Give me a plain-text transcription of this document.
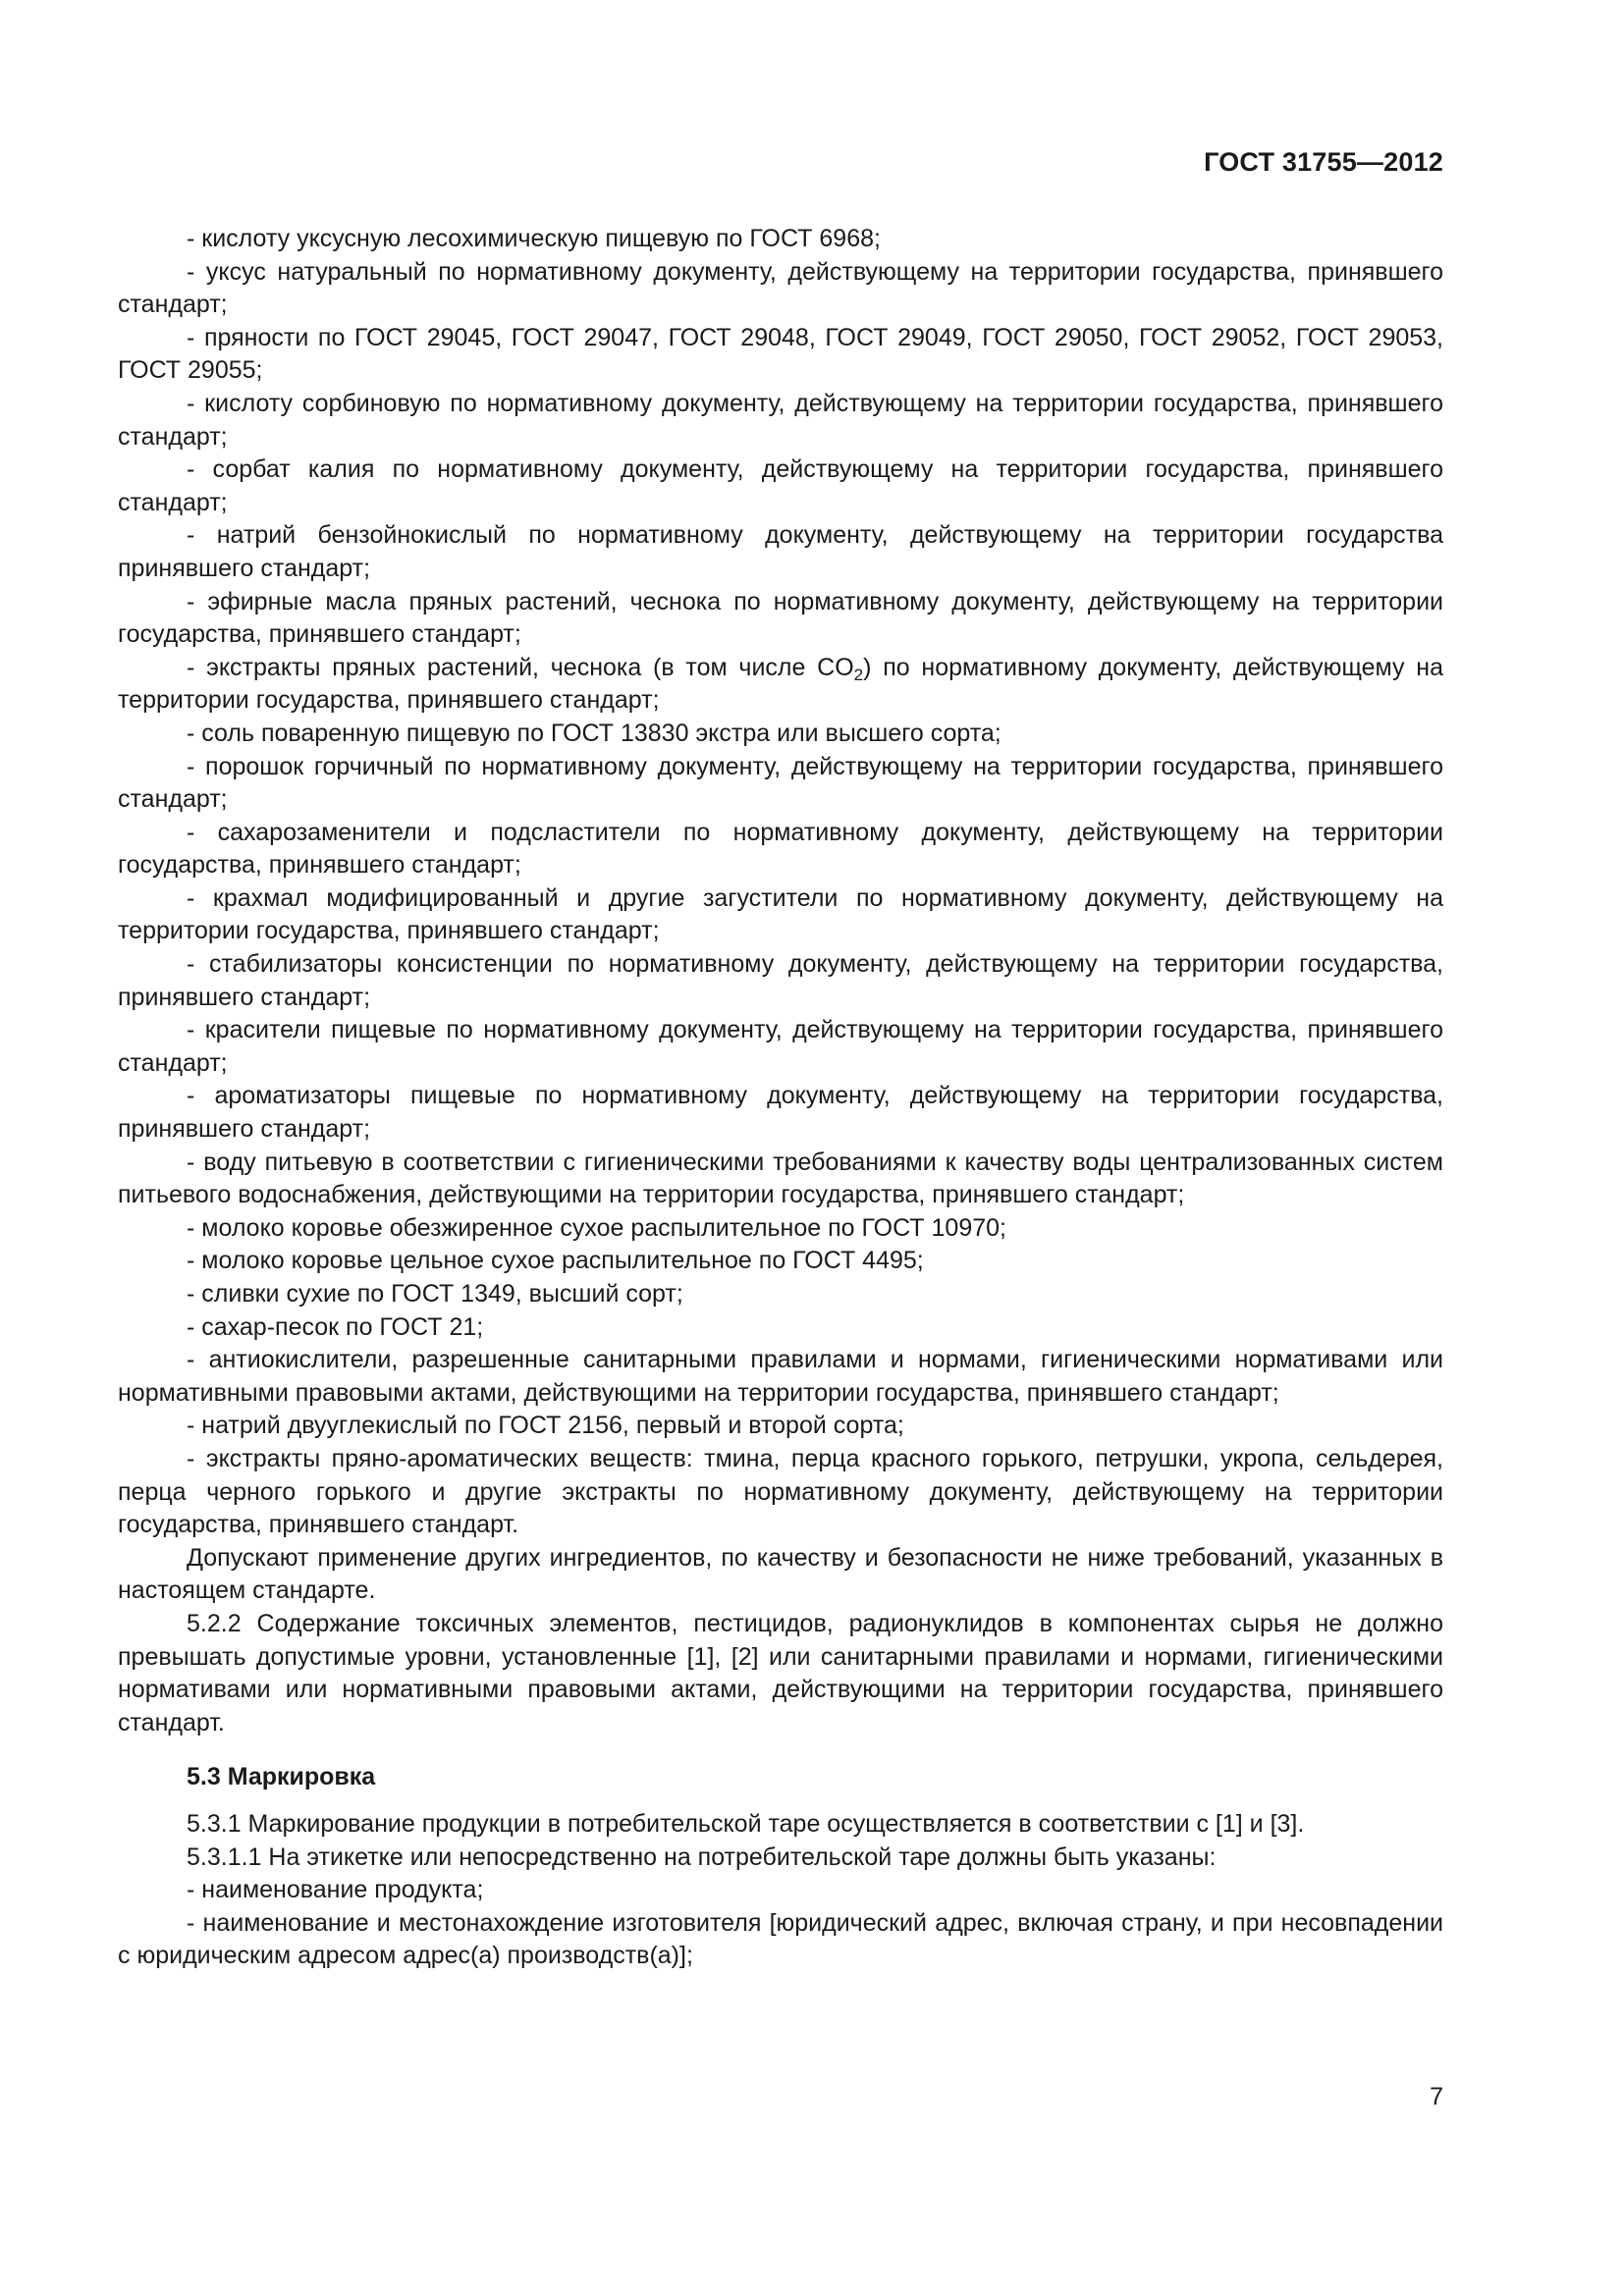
ГОСТ 31755—2012

- кислоту уксусную лесохимическую пищевую по ГОСТ 6968;

- уксус натуральный по нормативному документу, действующему на территории государства, принявшего стандарт;

- пряности по ГОСТ 29045, ГОСТ 29047, ГОСТ 29048, ГОСТ 29049, ГОСТ 29050, ГОСТ 29052, ГОСТ 29053, ГОСТ 29055;

- кислоту сорбиновую по нормативному документу, действующему на территории государства, принявшего стандарт;

- сорбат калия по нормативному документу, действующему на территории государства, принявшего стандарт;

- натрий бензойнокислый по нормативному документу, действующему на территории государства принявшего стандарт;

- эфирные масла пряных растений, чеснока по нормативному документу, действующему на территории государства, принявшего стандарт;

- экстракты пряных растений, чеснока (в том числе $CO_2$) по нормативному документу, действующему на территории государства, принявшего стандарт;

- соль поваренную пищевую по ГОСТ 13830 экстра или высшего сорта;

- порошок горчичный по нормативному документу, действующему на территории государства, принявшего стандарт;

- сахарозаменители и подсластители по нормативному документу, действующему на территории государства, принявшего стандарт;

- крахмал модифицированный и другие загустители по нормативному документу, действующему на территории государства, принявшего стандарт;

- стабилизаторы консистенции по нормативному документу, действующему на территории государства, принявшего стандарт;

- красители пищевые по нормативному документу, действующему на территории государства, принявшего стандарт;

- ароматизаторы пищевые по нормативному документу, действующему на территории государства, принявшего стандарт;

- воду питьевую в соответствии с гигиеническими требованиями к качеству воды централизованных систем питьевого водоснабжения, действующими на территории государства, принявшего стандарт;

- молоко коровье обезжиренное сухое распылительное по ГОСТ 10970;

- молоко коровье цельное сухое распылительное по ГОСТ 4495;

- сливки сухие по ГОСТ 1349, высший сорт;

- сахар-песок по ГОСТ 21;

- антиокислители, разрешенные санитарными правилами и нормами, гигиеническими нормативами или нормативными правовыми актами, действующими на территории государства, принявшего стандарт;

- натрий двууглекислый по ГОСТ 2156, первый и второй сорта;

- экстракты пряно-ароматических веществ: тмина, перца красного горького, петрушки, укропа, сельдерея, перца черного горького и другие экстракты по нормативному документу, действующему на территории государства, принявшего стандарт.

Допускают применение других ингредиентов, по качеству и безопасности не ниже требований, указанных в настоящем стандарте.

5.2.2 Содержание токсичных элементов, пестицидов, радионуклидов в компонентах сырья не должно превышать допустимые уровни, установленные [1], [2] или санитарными правилами и нормами, гигиеническими нормативами или нормативными правовыми актами, действующими на территории государства, принявшего стандарт.

5.3 Маркировка

5.3.1 Маркирование продукции в потребительской таре осуществляется в соответствии с [1] и [3].

5.3.1.1 На этикетке или непосредственно на потребительской таре должны быть указаны:

- наименование продукта;

- наименование и местонахождение изготовителя [юридический адрес, включая страну, и при несовпадении с юридическим адресом адрес(а) производств(а)];

7
